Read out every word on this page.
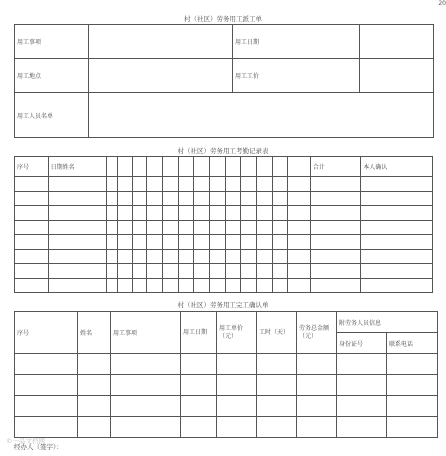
20
村（社区）劳务用工派工单
用工事项		用工日期	
用工地点		用工工价	
用工人员名单			
村（社区）劳务用工考勤记录表
序号	日期姓名														合计	本人确认

村（社区）劳务用工完工确认单
序号	姓名	用工事项	用工日期	用工单价（元）	工时（天）	劳务总金额（元）	附劳务人员信息	
							身份证号	联系电话

©一品文档网
经办人（签字）：
